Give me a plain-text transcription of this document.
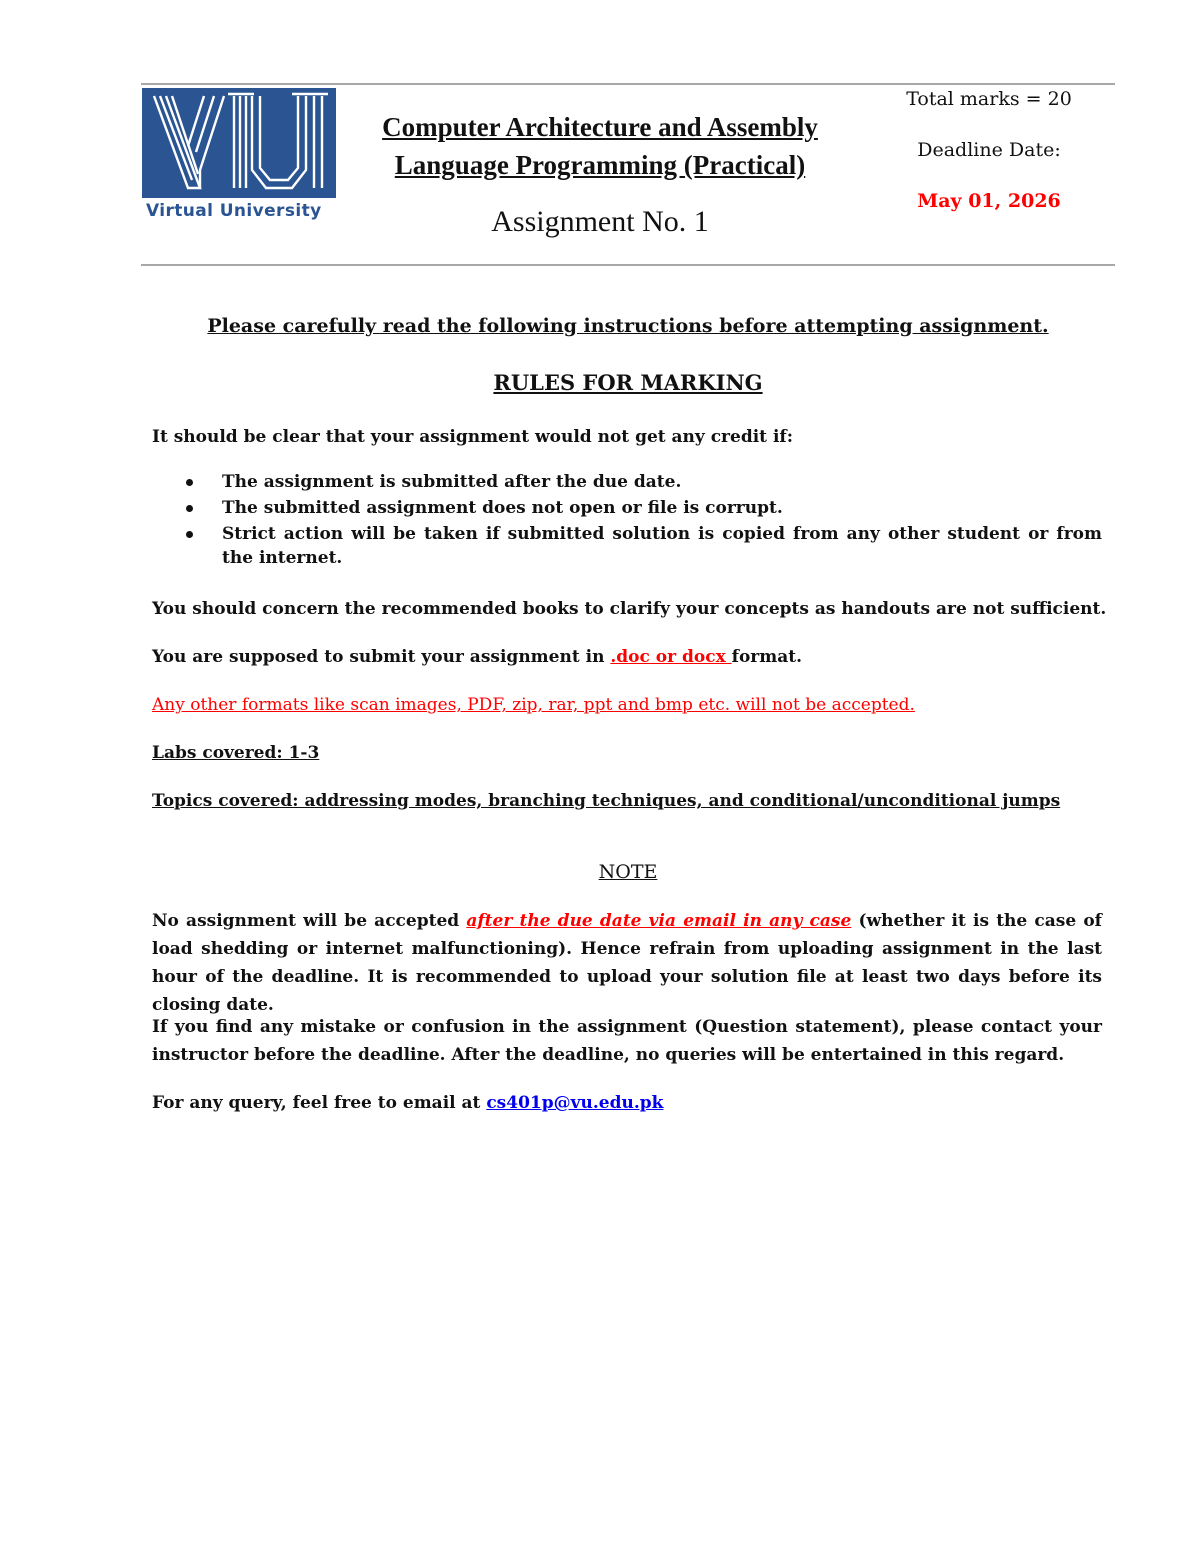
Virtual University
Computer Architecture and Assembly
Language Programming (Practical)
Assignment No. 1
Total marks = 20
Deadline Date:
May 01, 2026
Please carefully read the following instructions before attempting assignment.
RULES FOR MARKING
It should be clear that your assignment would not get any credit if:
The assignment is submitted after the due date.
The submitted assignment does not open or file is corrupt.
Strict action will be taken if submitted solution is copied from any other student or from the internet.
You should concern the recommended books to clarify your concepts as handouts are not sufficient.
You are supposed to submit your assignment in .doc or docx format.
Any other formats like scan images, PDF, zip, rar, ppt and bmp etc. will not be accepted.
Labs covered: 1-3
Topics covered: addressing modes, branching techniques, and conditional/unconditional jumps
NOTE
No assignment will be accepted after the due date via email in any case (whether it is the case of load shedding or internet malfunctioning). Hence refrain from uploading assignment in the last hour of the deadline. It is recommended to upload your solution file at least two days before its closing date.
If you find any mistake or confusion in the assignment (Question statement), please contact your instructor before the deadline. After the deadline, no queries will be entertained in this regard.
For any query, feel free to email at cs401p@vu.edu.pk
